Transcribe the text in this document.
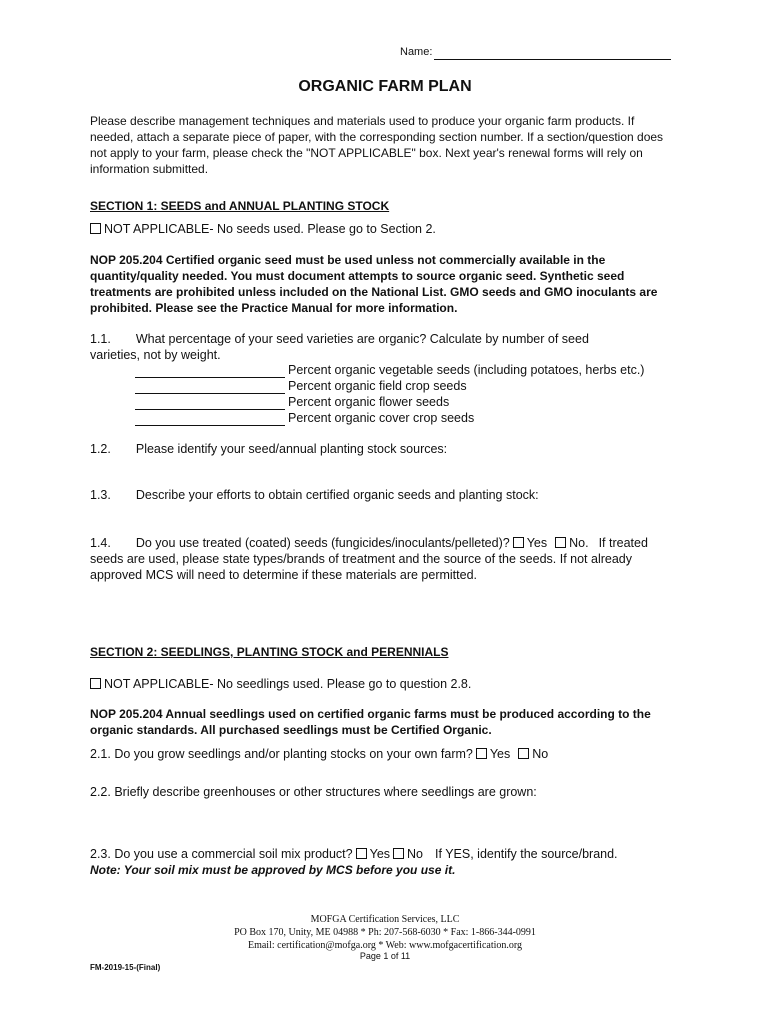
Name:
ORGANIC FARM PLAN
Please describe management techniques and materials used to produce your organic farm products. If needed, attach a separate piece of paper, with the corresponding section number. If a section/question does not apply to your farm, please check the "NOT APPLICABLE" box. Next year's renewal forms will rely on information submitted.
SECTION 1: SEEDS and ANNUAL PLANTING STOCK
NOT APPLICABLE- No seeds used. Please go to Section 2.
NOP 205.204 Certified organic seed must be used unless not commercially available in the quantity/quality needed. You must document attempts to source organic seed. Synthetic seed treatments are prohibited unless included on the National List. GMO seeds and GMO inoculants are prohibited. Please see the Practice Manual for more information.
1.1. What percentage of your seed varieties are organic? Calculate by number of seed
varieties, not by weight.
Percent organic vegetable seeds (including potatoes, herbs etc.)
Percent organic field crop seeds
Percent organic flower seeds
Percent organic cover crop seeds
1.2. Please identify your seed/annual planting stock sources:
1.3. Describe your efforts to obtain certified organic seeds and planting stock:
1.4. Do you use treated (coated) seeds (fungicides/inoculants/pelleted)? Yes No. If treated
seeds are used, please state types/brands of treatment and the source of the seeds. If not already
approved MCS will need to determine if these materials are permitted.
SECTION 2: SEEDLINGS, PLANTING STOCK and PERENNIALS
NOT APPLICABLE- No seedlings used. Please go to question 2.8.
NOP 205.204 Annual seedlings used on certified organic farms must be produced according to the organic standards. All purchased seedlings must be Certified Organic.
2.1. Do you grow seedlings and/or planting stocks on your own farm? Yes No
2.2. Briefly describe greenhouses or other structures where seedlings are grown:
2.3. Do you use a commercial soil mix product? Yes No If YES, identify the source/brand.
Note: Your soil mix must be approved by MCS before you use it.
MOFGA Certification Services, LLC
PO Box 170, Unity, ME 04988 * Ph: 207-568-6030 * Fax: 1-866-344-0991
Email: certification@mofga.org * Web: www.mofgacertification.org
Page 1 of 11
FM-2019-15-(Final)
